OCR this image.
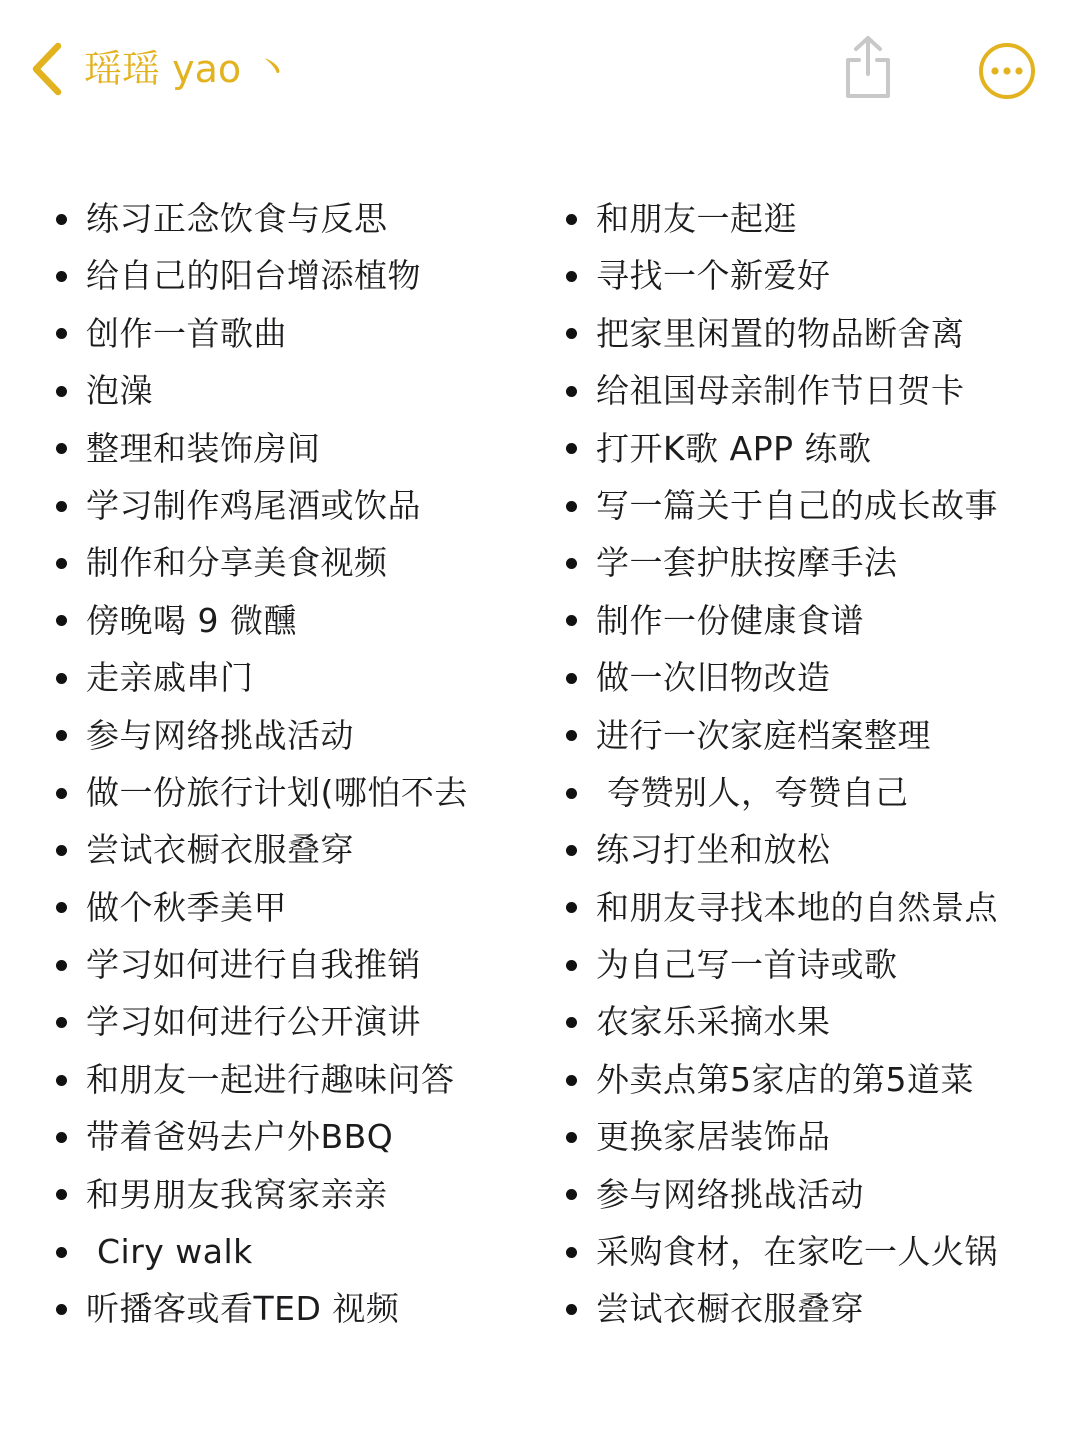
瑶瑶 yao 丶
练习正念饮食与反思
给自己的阳台增添植物
创作一首歌曲
泡澡
整理和装饰房间
学习制作鸡尾酒或饮品
制作和分享美食视频
傍晚喝 9 微醺
走亲戚串门
参与网络挑战活动
做一份旅行计划(哪怕不去
尝试衣橱衣服叠穿
做个秋季美甲
学习如何进行自我推销
学习如何进行公开演讲
和朋友一起进行趣味问答
带着爸妈去户外BBQ
和男朋友我窝家亲亲
Ciry walk
听播客或看TED 视频
和朋友一起逛
寻找一个新爱好
把家里闲置的物品断舍离
给祖国母亲制作节日贺卡
打开K歌 APP 练歌
写一篇关于自己的成长故事
学一套护肤按摩手法
制作一份健康食谱
做一次旧物改造
进行一次家庭档案整理
夸赞别人，夸赞自己
练习打坐和放松
和朋友寻找本地的自然景点
为自己写一首诗或歌
农家乐采摘水果
外卖点第5家店的第5道菜
更换家居装饰品
参与网络挑战活动
采购食材，在家吃一人火锅
尝试衣橱衣服叠穿
